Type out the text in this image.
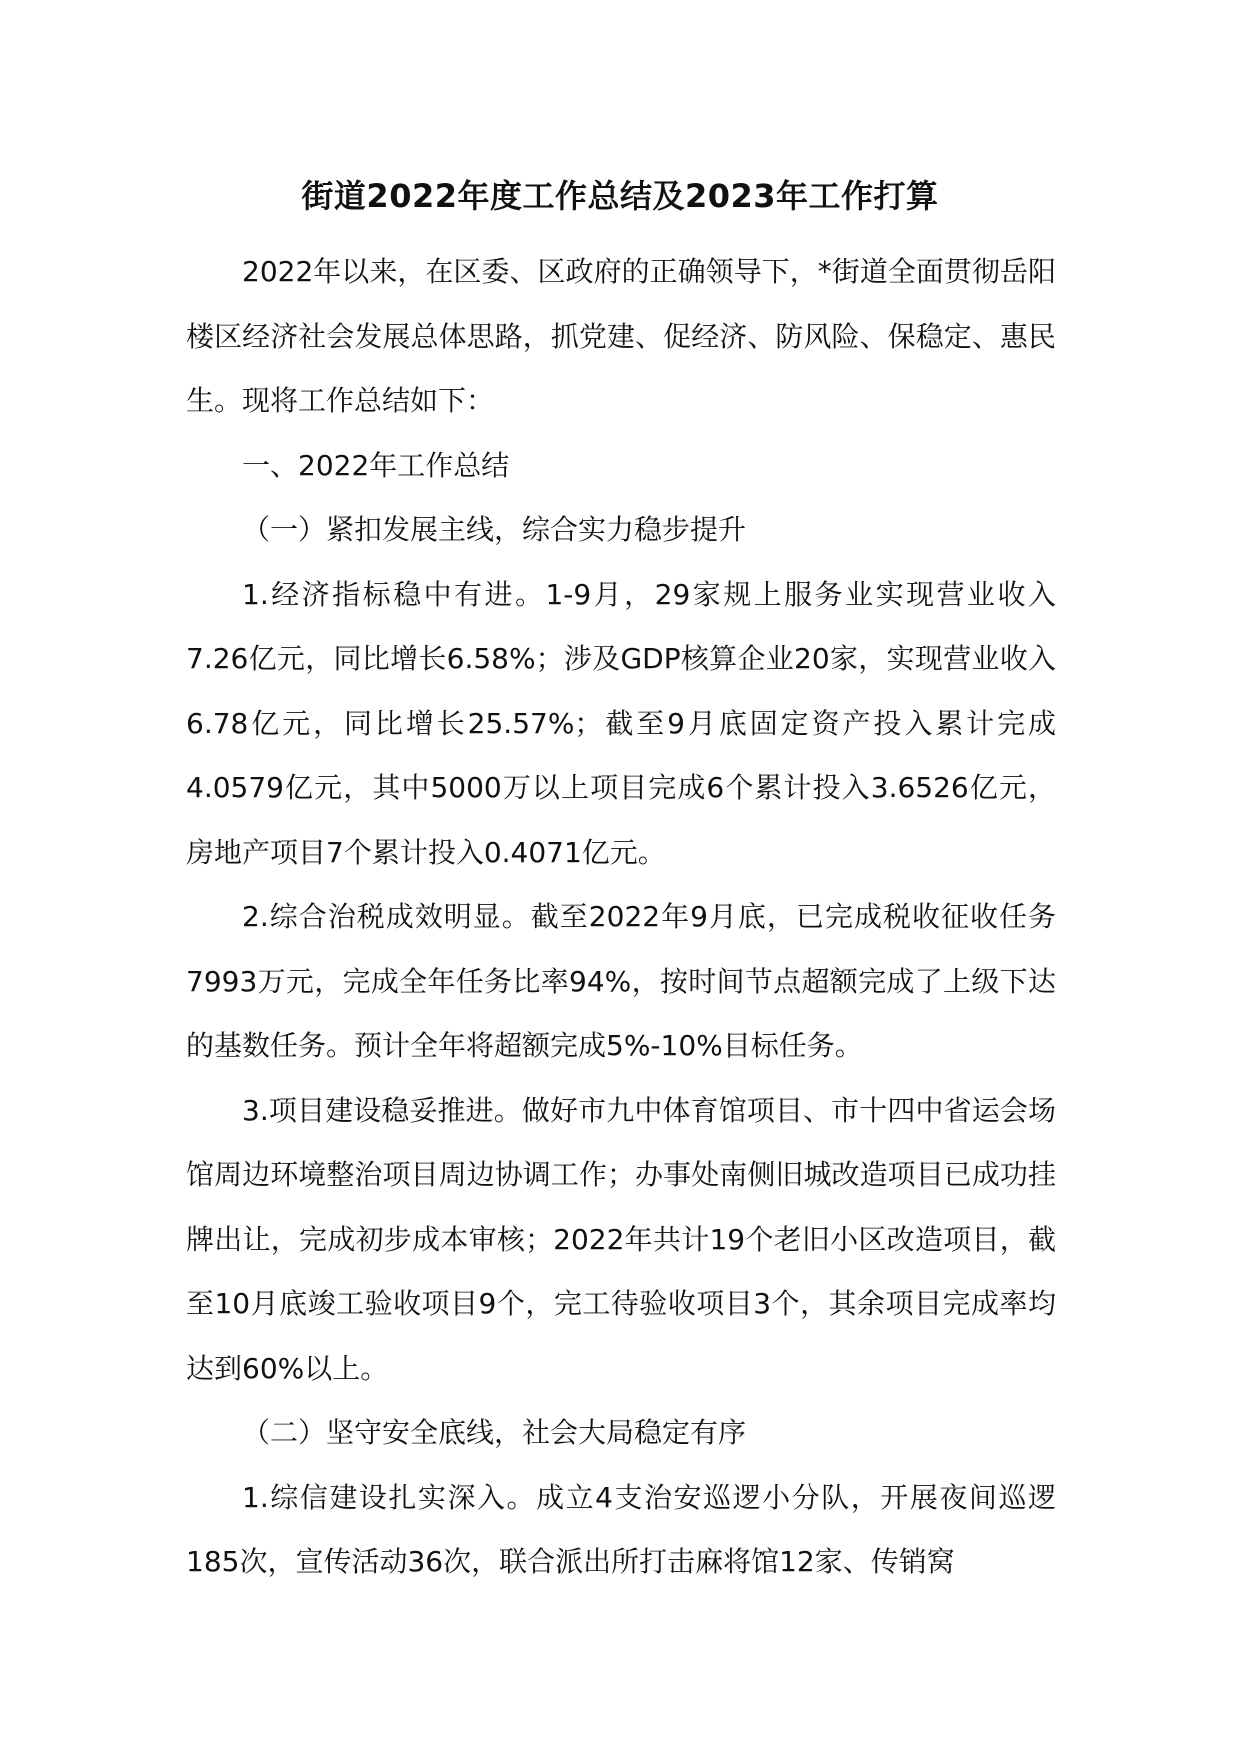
街道2022年度工作总结及2023年工作打算

2022年以来，在区委、区政府的正确领导下，*街道全面贯彻岳阳楼区经济社会发展总体思路，抓党建、促经济、防风险、保稳定、惠民生。现将工作总结如下：

一、2022年工作总结

（一）紧扣发展主线，综合实力稳步提升

1.经济指标稳中有进。1-9月，29家规上服务业实现营业收入7.26亿元，同比增长6.58%；涉及GDP核算企业20家，实现营业收入6.78亿元，同比增长25.57%；截至9月底固定资产投入累计完成4.0579亿元，其中5000万以上项目完成6个累计投入3.6526亿元，房地产项目7个累计投入0.4071亿元。

2.综合治税成效明显。截至2022年9月底，已完成税收征收任务7993万元，完成全年任务比率94%，按时间节点超额完成了上级下达的基数任务。预计全年将超额完成5%-10%目标任务。

3.项目建设稳妥推进。做好市九中体育馆项目、市十四中省运会场馆周边环境整治项目周边协调工作；办事处南侧旧城改造项目已成功挂牌出让，完成初步成本审核；2022年共计19个老旧小区改造项目，截至10月底竣工验收项目9个，完工待验收项目3个，其余项目完成率均达到60%以上。

（二）坚守安全底线，社会大局稳定有序

1.综信建设扎实深入。成立4支治安巡逻小分队，开展夜间巡逻185次，宣传活动36次，联合派出所打击麻将馆12家、传销窝
